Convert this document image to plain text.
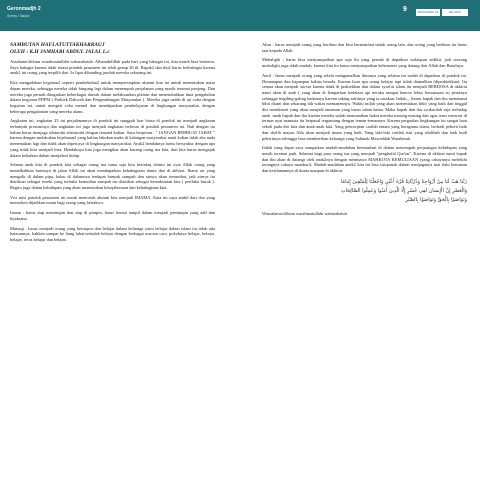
Geronmadjh 2
Xpress / Saujan
9	RUKUNSIKI 20	EE 2015
SAMBUTAN HAFLATUTTAKHARRAUJ
OLEH : K.H JAMHARI ABDUL JALAL L.c

Assalamu'alikum warahmatullahi wabarakatuh. Alhamdulillah pada hari yang bahagia ini, kita masih bisa bertemu. Saya bahagia karena tidak terasa pondok pesantren ini telah genap 30 th. Bapak2 dan ibu2 harus berbahagia karena anak2 ini orang yang terpilih dari 3x lipat dibanding jumlah mereka sekarang ini.

Kita mengadakan kegiatan2 seperti pembekalan2 untuk mempersiapkan alumni kita ini untuk menentukan masa depan mereka, sehingga mereka tidak bingung lagi dalam menempuh perjalanan yang masih teramat panjang. Dan mereka juga pernah ditugaskan keberbagai daerah dalam melaksankan pikiran dan menembahkan lima pengabdian dalam kegiatan PDPM ( Praktek Dakwah dan Pengembangan Masyarakat ). Mereka juga sudah di uji coba dengan kegiatan ini, untuk mengeti coba mental dan mendapatkan pembelajaran di lingkungan masyarakat, dengan beberapa pengalaman yang mereka alami.

Angkatan ini, angkatan 25 ini perjalanannya di pondok ini sungguh luar biasa di pondok ini menjadi angkatan terbanyak prestasinya dan angkatan ini juga menjadi angkatan terbesar di pondok pesantren ini. Nah dengan itu kalian harus menjaga silaturahi silaturrahi dengan temand kalian. Saya berpesan : " JANGAN BERBUAT JAHAT " karena dengan melakukan kejahatan2 yang kalian lakukan maka di kalangan masyarakat nanti kalian tidak aka nada menemukan lagi dan tidak akan dipercaya di lingkungan masyarakat. Ayak2 hendaknya harus bersyukur dengan apa yang tidak bisa menjadi bisa. Hendaknya kita juga mengikat akan kurang orang tua kita, dari kita harus mengajak dalam kebaikan dalam menjalani hidup.

Selama anak kita di pondok kita sebagai orang tua sama saja kita berinfaq doinni ini ayat Allah orang yang menafkahkan hartanya di jalan Allah ini akan mendapatkan kebahagiaan dunia dan di akhirat. Ibarat air yang mengalir di dalam pipa, kalau di dalamnya terdapat banyak sampah dan airnya akan tersumbat, jadi airnya itu diartikan sebagai rezeki yang terbuka kemudian sampah itu diartikan sebagai kemaksiatan kita ( perilaku buruk ). Begitu juga dalam kehidupan yang akan menentukan kesejahteraan dan kebahagiaan kita.

Visi misi pondok pesantren ini untuk mencetak alumni kita menjadi IMAMA. Kata ini saya ambil dari doa yang memohon dijadikan imam bagi orang yang bertakwa.

Imaan : harus siap memimpin dan siap di pimpin, harus berani tampil dalam menjadi pemimpin yang adil dan bijaksana.

Muttaqi : harus menjadi orang yang bertaqwa dan belajar dalam keluarga yaitu belajar dalam islam itu tidak ada batasannya, bahkan sampai ke liang lahat.tertudah belajar dengan berbagai macam cara, pokoknya belajar, belajar, belajar, terus belajar dan belajar.

Alim : harus menjadi orang yang berilmu dan bisa bermanfaat untuk orang lain, dan orang yang berilmu itu harus taat kepada Allah.

Mubalighi : harus bisa menyampaikan apa saja ilu yang pernah di dapatkan walaupun sedikit, jadi seorang mubalighi juga tidak mudah, karena kita itu harus menyampaikan kebenarnir yang datang dari Allah dan Rasulnya.

Amil : harus menjadi orang yang selalu mengamalkan ilmunya yang selama ini sudah di dapatkan di pondok ini. Dimanapun dan kapanpun kalian berada. Karena buat apa orang belajar tapi tidak diamalkan (dipraktekkan). Itu semua akan menjadi sia-sia karena tidak di praktekkan dan dalam syari'at islam itu menjadi BERDOSA di akhirat nanti akan di azab ( yang akan di lemparkan kedalam api neraka sampai hancur lebur bersamaan isi perutnya sehingga tergiling-galing badannya karena saking sakitnya yang ia rasakan. Inilah,,, (burut bapak dan ibu menanami bibit diaini dan sekarang lah waktu memanennya. Waktu inilah yang akan menentukan bibit yang baik dan tinggal diri menikmati yang akan menjadi tanaman yang harus tahan hama. Maka bapak dan ibu syukurilah saja terhadap anak -anak bapak dan ibu karena mereka sudah menunaikan bakat mereka masing-masing dan agar terus mencari di termas ayat manusia itu berpasal tergantung dengan teman-temannya. Karena pergaulan lingkungan itu sangat buat sekali pada diri kita dan anak-anak kita. Yang pencerpian carilah ematn yang beragama islam, berbadi pekerti baik dan sholih mayan Alla akan menjadi imam yang baik. Yang laki-laki carilah istri yang sholihah dan baik budi pekertinya sehingga bisa memberikan keluarga yang Sakinah Mawaddah Warahmah.

Inilah yang dapat saya sampaikan mudah-mudahan bermanfaat di dalam menempuh perjuangan kehidupan yang masih teramat jauh. Selamat bagi para orang tua yang menjadi "penghafal Qur'an". Karena di akhirat nanti bapak dan ibu akan di datangi oleh anak2nya dengan membawa MAHKOTA KEMULIAAN (yang cahayanya melebihi terangnya cahaya matahari). Mudah-mudahan anak2 kita ini bisa istiqomah dalam menjaganya mai ilahi kemanan dan keislamannya di dunia maupun di akhirat.

رَبَّنَا هَبْ لَنَا مِنْ أَزْوَاجِنَا وَذُرِّيَّاتِنَا قُرَّةَ أَعْيُنٍ وَاجْعَلْنَا لِلْمُتَّقِينَ إِمَامًا
وَالْعَصْرِ إِنَّ الْإِنسَانَ لَفِي خُسْرٍ إِلَّا الَّذِينَ آمَنُوا وَعَمِلُوا الصَّالِحَاتِ
وَتَوَاصَوْا بِالْحَقِّ وَتَوَاصَوْا بِالصَّبْرِ

Wassalamu'alikum warahmatullahi wabarakatuh.
